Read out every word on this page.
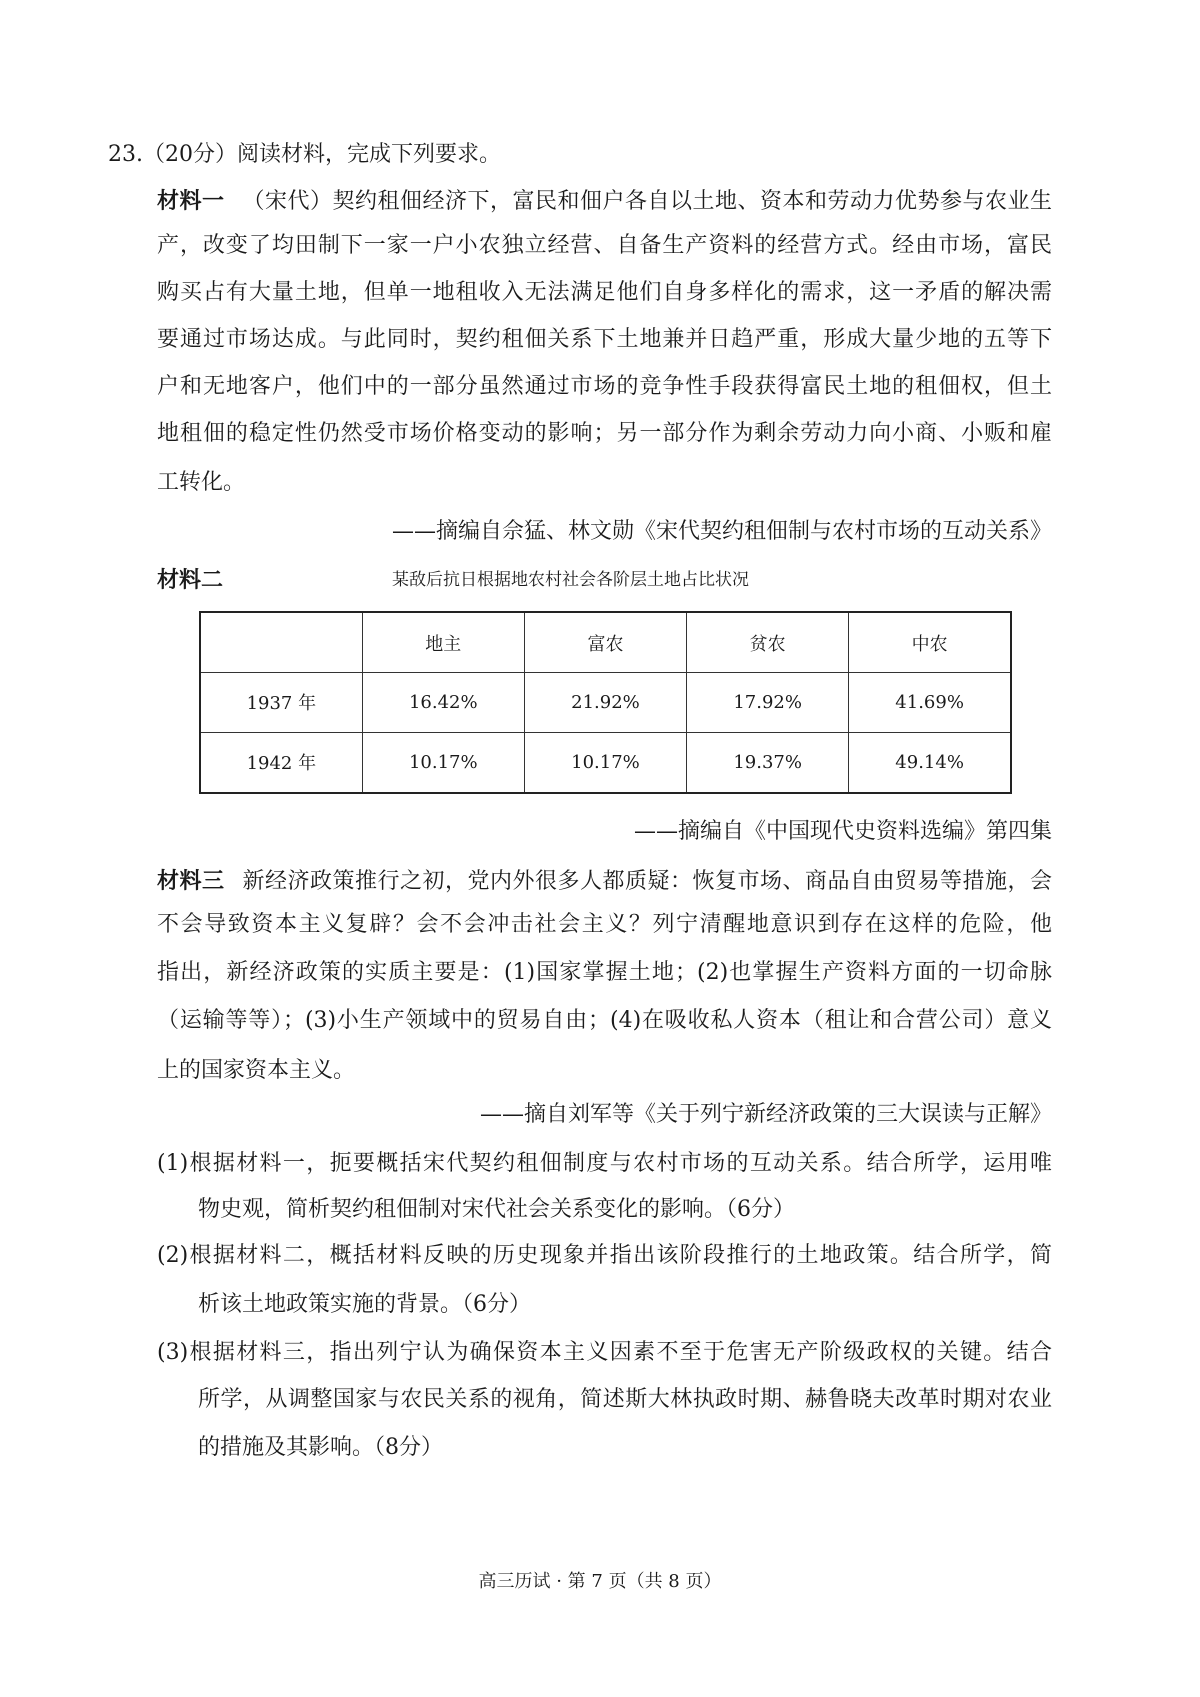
23.（20分）阅读材料，完成下列要求。
材料一 （宋代）契约租佃经济下，富民和佃户各自以土地、资本和劳动力优势参与农业生
产，改变了均田制下一家一户小农独立经营、自备生产资料的经营方式。经由市场，富民
购买占有大量土地，但单一地租收入无法满足他们自身多样化的需求，这一矛盾的解决需
要通过市场达成。与此同时，契约租佃关系下土地兼并日趋严重，形成大量少地的五等下
户和无地客户，他们中的一部分虽然通过市场的竞争性手段获得富民土地的租佃权，但土
地租佃的稳定性仍然受市场价格变动的影响；另一部分作为剩余劳动力向小商、小贩和雇
工转化。
——摘编自佘猛、林文勋《宋代契约租佃制与农村市场的互动关系》
材料二	某敌后抗日根据地农村社会各阶层土地占比状况
	地主	富农	贫农	中农
1937 年	16.42%	21.92%	17.92%	41.69%
1942 年	10.17%	10.17%	19.37%	49.14%
——摘编自《中国现代史资料选编》第四集
材料三 新经济政策推行之初，党内外很多人都质疑：恢复市场、商品自由贸易等措施，会
不会导致资本主义复辟？会不会冲击社会主义？列宁清醒地意识到存在这样的危险，他
指出，新经济政策的实质主要是：(1)国家掌握土地；(2)也掌握生产资料方面的一切命脉
（运输等等）；(3)小生产领域中的贸易自由；(4)在吸收私人资本（租让和合营公司）意义
上的国家资本主义。
——摘自刘军等《关于列宁新经济政策的三大误读与正解》
(1)根据材料一，扼要概括宋代契约租佃制度与农村市场的互动关系。结合所学，运用唯
物史观，简析契约租佃制对宋代社会关系变化的影响。（6分）
(2)根据材料二，概括材料反映的历史现象并指出该阶段推行的土地政策。结合所学，简
析该土地政策实施的背景。（6分）
(3)根据材料三，指出列宁认为确保资本主义因素不至于危害无产阶级政权的关键。结合
所学，从调整国家与农民关系的视角，简述斯大林执政时期、赫鲁晓夫改革时期对农业
的措施及其影响。（8分）
高三历试 · 第 7 页（共 8 页）
